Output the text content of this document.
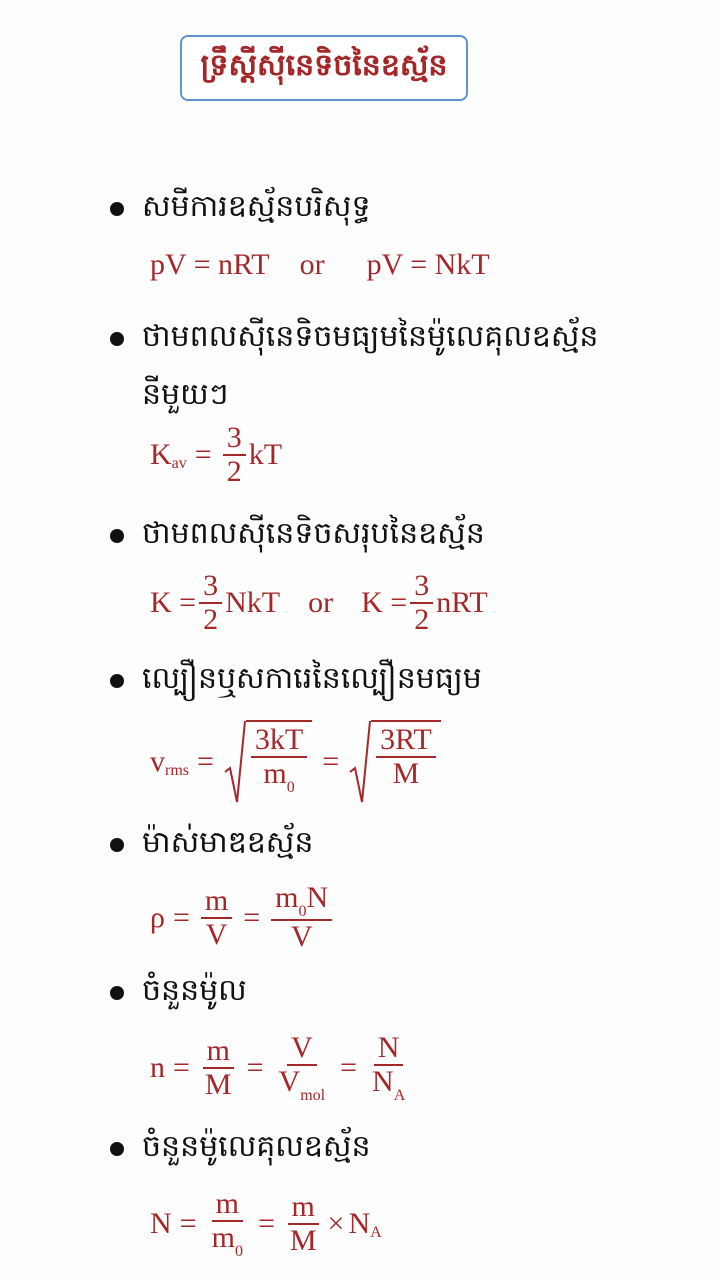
ទ្រឹស្តីស៊ីនេទិចនៃឧស្ម័ន
សមីការឧស្ម័នបរិសុទ្ធ
pV = nRT or pV = NkT
ថាមពលស៊ីនេទិចមធ្យមនៃម៉ូលេគុលឧស្ម័ននីមួយៗ
K av = $\frac{3}{2}$ kT
ថាមពលស៊ីនេទិចសរុបនៃឧស្ម័ន
$K = \frac{3}{2}$ NkT or $K = \frac{3}{2}$ nRT
ល្បឿនឬសការេនៃល្បឿនមធ្យម
v rms = $\frac{3kT}{m_0} = \frac{3RT}{M}$
ម៉ាស់មាឌឧស្ម័ន
$\rho = \frac{m}{V} = \frac{m_0N}{V}$
ចំនួនម៉ូល
$n = \frac{m}{M} = \frac{V}{V_{mol}} = \frac{N}{N_A}$
ចំនួនម៉ូលេគុលឧស្ម័ន
$N = \frac{m}{m_0} = \frac{m}{M} \times N$ A
